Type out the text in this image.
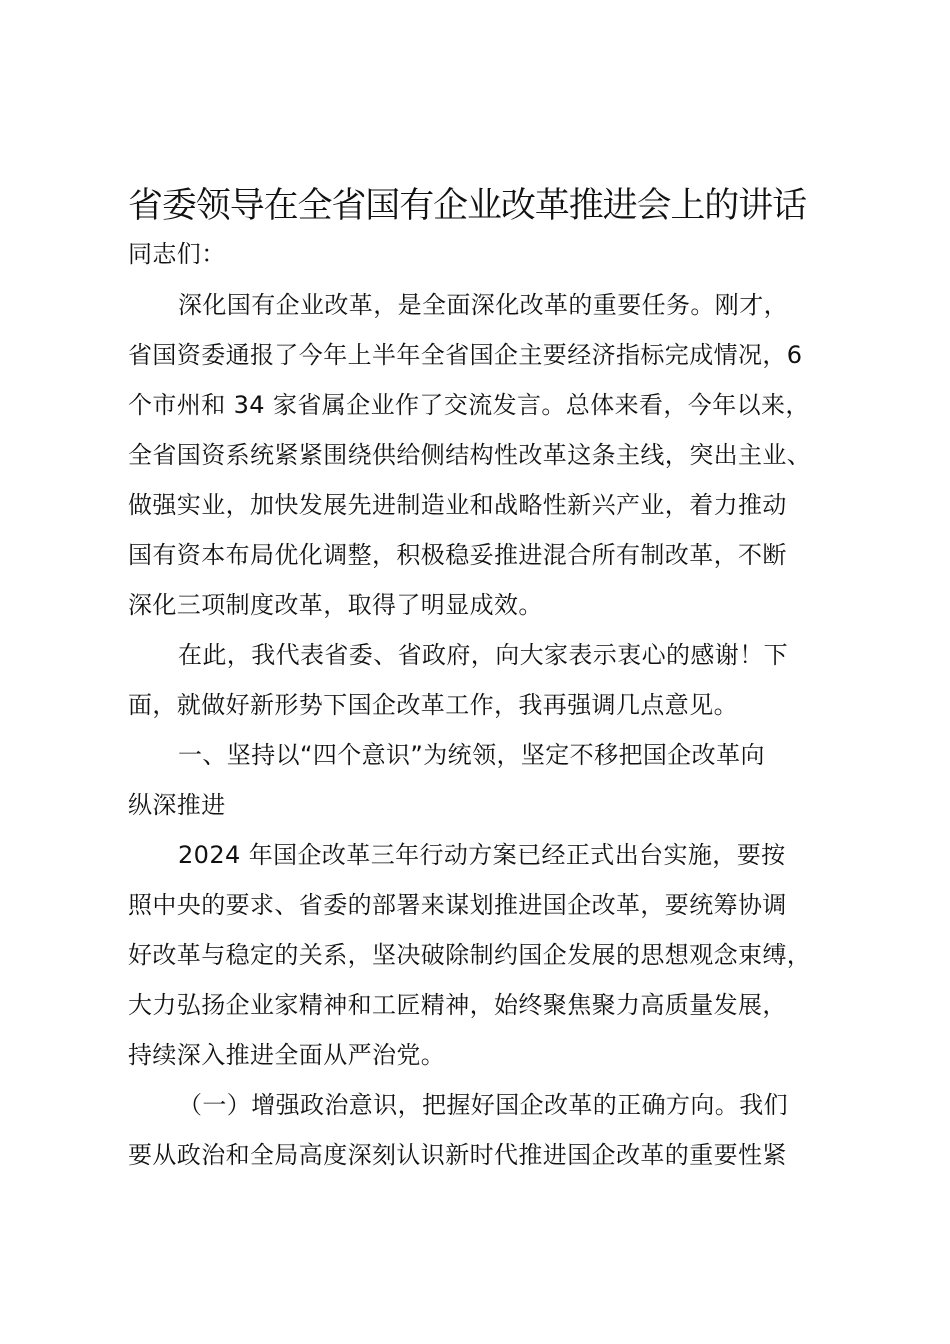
省委领导在全省国有企业改革推进会上的讲话

同志们：

深化国有企业改革，是全面深化改革的重要任务。刚才，

省国资委通报了今年上半年全省国企主要经济指标完成情况，6

个市州和 34 家省属企业作了交流发言。总体来看，今年以来，

全省国资系统紧紧围绕供给侧结构性改革这条主线，突出主业、

做强实业，加快发展先进制造业和战略性新兴产业，着力推动

国有资本布局优化调整，积极稳妥推进混合所有制改革，不断

深化三项制度改革，取得了明显成效。

在此，我代表省委、省政府，向大家表示衷心的感谢！下

面，就做好新形势下国企改革工作，我再强调几点意见。

一、坚持以“四个意识”为统领，坚定不移把国企改革向

纵深推进

2024 年国企改革三年行动方案已经正式出台实施，要按

照中央的要求、省委的部署来谋划推进国企改革，要统筹协调

好改革与稳定的关系，坚决破除制约国企发展的思想观念束缚，

大力弘扬企业家精神和工匠精神，始终聚焦聚力高质量发展，

持续深入推进全面从严治党。

（一）增强政治意识，把握好国企改革的正确方向。我们

要从政治和全局高度深刻认识新时代推进国企改革的重要性紧
